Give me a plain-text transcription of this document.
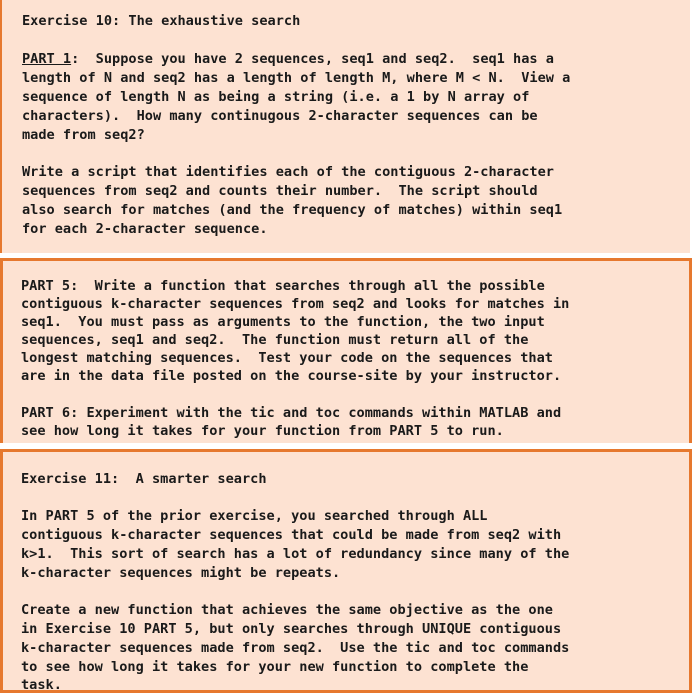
Exercise 10: The exhaustive search
PART 1:  Suppose you have 2 sequences, seq1 and seq2.  seq1 has a
length of N and seq2 has a length of length M, where M < N.  View a
sequence of length N as being a string (i.e. a 1 by N array of
characters).  How many continugous 2-character sequences can be
made from seq2?
Write a script that identifies each of the contiguous 2-character
sequences from seq2 and counts their number.  The script should
also search for matches (and the frequency of matches) within seq1
for each 2-character sequence.
PART 5:  Write a function that searches through all the possible
contiguous k-character sequences from seq2 and looks for matches in
seq1.  You must pass as arguments to the function, the two input
sequences, seq1 and seq2.  The function must return all of the
longest matching sequences.  Test your code on the sequences that
are in the data file posted on the course-site by your instructor.
PART 6: Experiment with the tic and toc commands within MATLAB and
see how long it takes for your function from PART 5 to run.
Exercise 11:  A smarter search
In PART 5 of the prior exercise, you searched through ALL
contiguous k-character sequences that could be made from seq2 with
k>1.  This sort of search has a lot of redundancy since many of the
k-character sequences might be repeats.
Create a new function that achieves the same objective as the one
in Exercise 10 PART 5, but only searches through UNIQUE contiguous
k-character sequences made from seq2.  Use the tic and toc commands
to see how long it takes for your new function to complete the
task.
